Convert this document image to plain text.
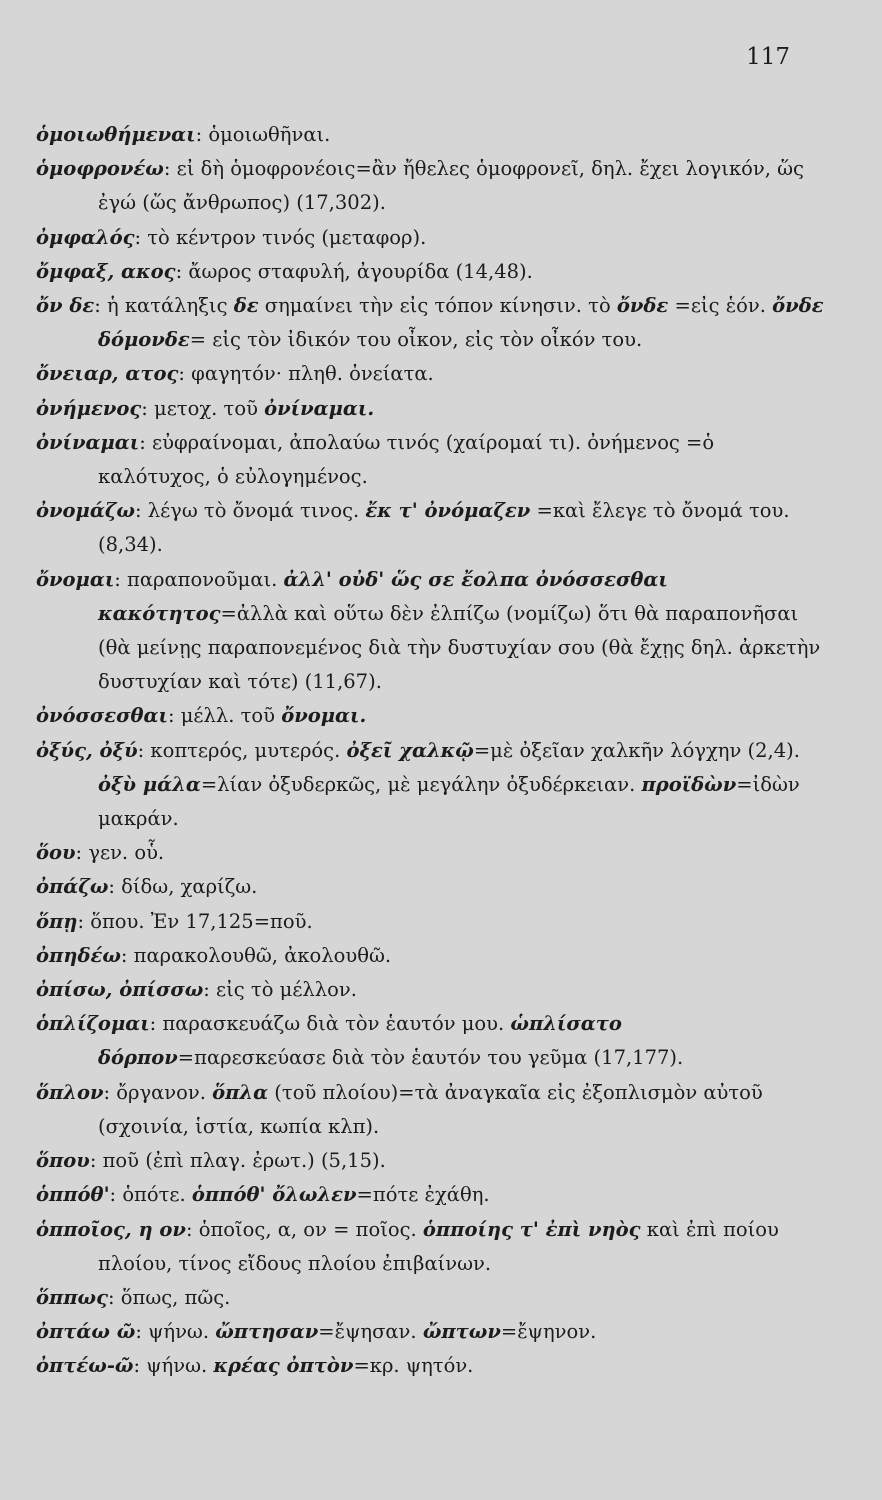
117

ὁμοιωθήμεναι: ὁμοιωθῆναι.

ὁμοφρονέω: εἰ δὴ ὁμοφρονέοις=ἂν ἤθελες ὁμοφρονεῖ, δηλ. ἔχει λογικόν, ὥς ἐγώ (ὥς ἄνθρωπος) (17,302).

ὀμφαλός: τὸ κέντρον τινός (μεταφορ).

ὄμφαξ, ακος: ἄωρος σταφυλή, ἀγουρίδα (14,48).

ὄν δε: ἡ κατάληξις δε σημαίνει τὴν εἰς τόπον κίνησιν. τὸ ὄνδε =εἰς ἑόν. ὄνδε δόμονδε= εἰς τὸν ἰδικόν του οἶκον, εἰς τὸν οἶκόν του.

ὄνειαρ, ατος: φαγητόν· πληθ. ὀνείατα.

ὀνήμενος: μετοχ. τοῦ ὀνίναμαι.

ὀνίναμαι: εὐφραίνομαι, ἀπολαύω τινός (χαίρομαί τι). ὀνήμενος =ὁ καλότυχος, ὁ εὐλογημένος.

ὀνομάζω: λέγω τὸ ὄνομά τινος. ἔκ τ' ὀνόμαζεν =καὶ ἔλεγε τὸ ὄνομά του. (8,34).

ὄνομαι: παραπονοῦμαι. ἀλλ' οὐδ' ὥς σε ἔολπα ὀνόσσεσθαι κακότητος=ἀλλὰ καὶ οὕτω δὲν ἐλπίζω (νομίζω) ὅτι θὰ παραπονῆσαι (θὰ μείνῃς παραπονεμένος διὰ τὴν δυστυχίαν σου (θὰ ἔχῃς δηλ. ἀρκετὴν δυστυχίαν καὶ τότε) (11,67).

ὀνόσσεσθαι: μέλλ. τοῦ ὄνομαι.

ὀξύς, ὀξύ: κοπτερός, μυτερός. ὀξεῖ χαλκῷ=μὲ ὀξεῖαν χαλκῆν λόγχην (2,4). ὀξὺ μάλα=λίαν ὀξυδερκῶς, μὲ μεγάλην ὀξυδέρκειαν. προϊδὼν=ἰδὼν μακράν.

ὅου: γεν. οὗ.

ὀπάζω: δίδω, χαρίζω.

ὅπῃ: ὅπου. Ἐν 17,125=ποῦ.

ὀπηδέω: παρακολουθῶ, ἀκολουθῶ.

ὀπίσω, ὀπίσσω: εἰς τὸ μέλλον.

ὁπλίζομαι: παρασκευάζω διὰ τὸν ἑαυτόν μου. ὡπλίσατο δόρπον=παρεσκεύασε διὰ τὸν ἑαυτόν του γεῦμα (17,177).

ὅπλον: ὄργανον. ὅπλα (τοῦ πλοίου)=τὰ ἀναγκαῖα εἰς ἐξοπλισμὸν αὐτοῦ (σχοινία, ἱστία, κωπία κλπ).

ὅπου: ποῦ (ἐπὶ πλαγ. ἐρωτ.) (5,15).

ὁππόθ': ὁπότε. ὁππόθ' ὄλωλεν=πότε ἐχάθη.

ὁπποῖος, η ον: ὁποῖος, α, ον = ποῖος. ὁπποίης τ' ἐπὶ νηὸς καὶ ἐπὶ ποίου πλοίου, τίνος εἴδους πλοίου ἐπιβαίνων.

ὅππως: ὅπως, πῶς.

ὀπτάω ῶ: ψήνω. ὤπτησαν=ἔψησαν. ὤπτων=ἔψηνον.

ὀπτέω-ῶ: ψήνω. κρέας ὀπτὸν=κρ. ψητόν.
